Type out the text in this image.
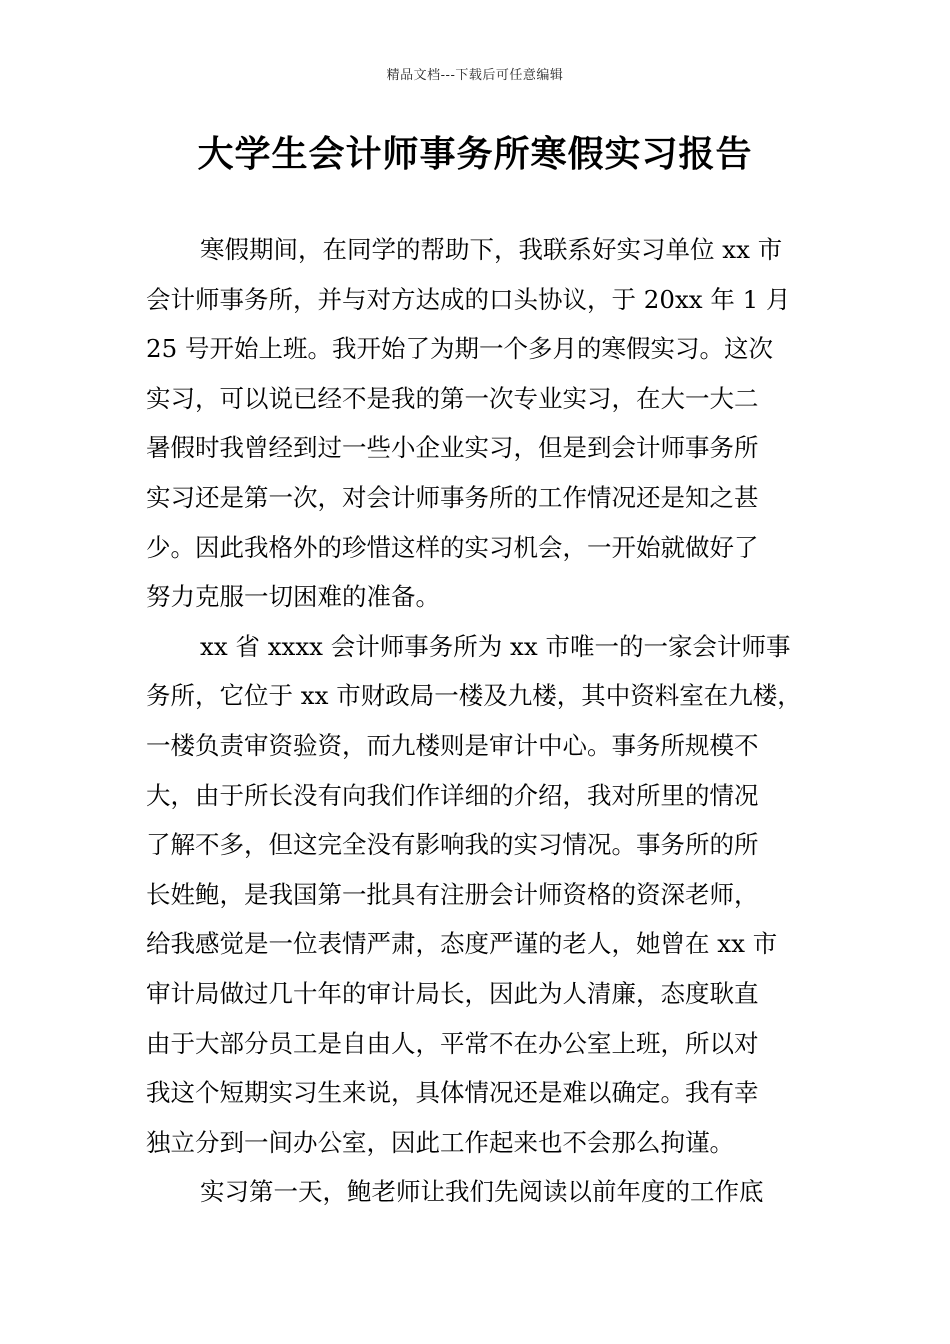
精品文档---下载后可任意编辑
大学生会计师事务所寒假实习报告
寒假期间，在同学的帮助下，我联系好实习单位 xx 市
会计师事务所，并与对方达成的口头协议，于 20xx 年 1 月
25 号开始上班。我开始了为期一个多月的寒假实习。这次
实习，可以说已经不是我的第一次专业实习，在大一大二
暑假时我曾经到过一些小企业实习，但是到会计师事务所
实习还是第一次，对会计师事务所的工作情况还是知之甚
少。因此我格外的珍惜这样的实习机会，一开始就做好了
努力克服一切困难的准备。
xx 省 xxxx 会计师事务所为 xx 市唯一的一家会计师事
务所，它位于 xx 市财政局一楼及九楼，其中资料室在九楼，
一楼负责审资验资，而九楼则是审计中心。事务所规模不
大，由于所长没有向我们作详细的介绍，我对所里的情况
了解不多，但这完全没有影响我的实习情况。事务所的所
长姓鲍，是我国第一批具有注册会计师资格的资深老师，
给我感觉是一位表情严肃，态度严谨的老人，她曾在 xx 市
审计局做过几十年的审计局长，因此为人清廉，态度耿直
由于大部分员工是自由人，平常不在办公室上班，所以对
我这个短期实习生来说，具体情况还是难以确定。我有幸
独立分到一间办公室，因此工作起来也不会那么拘谨。
实习第一天，鲍老师让我们先阅读以前年度的工作底
